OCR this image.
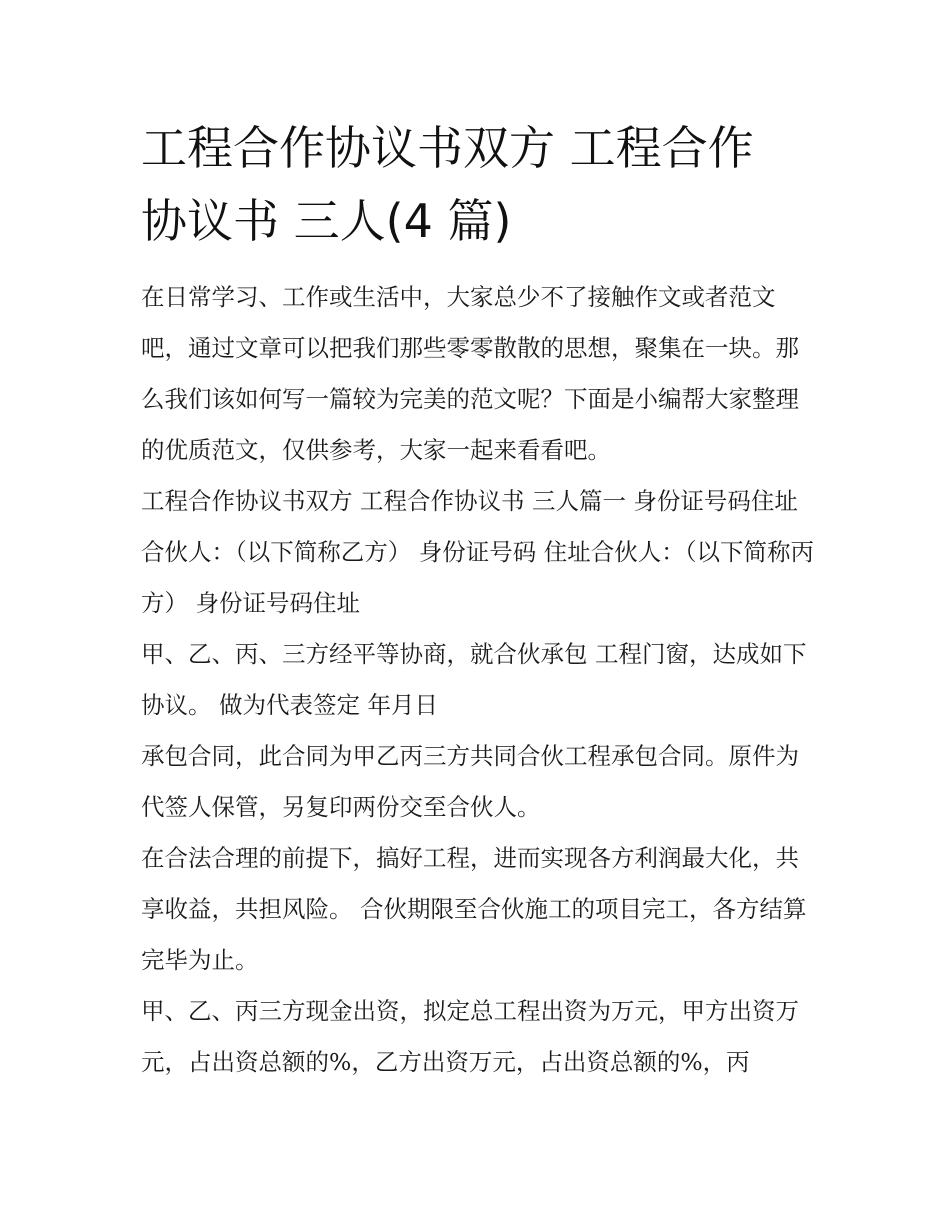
工程合作协议书双方 工程合作
协议书 三人(4 篇)

在日常学习、工作或生活中，大家总少不了接触作文或者范文吧，通过文章可以把我们那些零零散散的思想，聚集在一块。那么我们该如何写一篇较为完美的范文呢？下面是小编帮大家整理的优质范文，仅供参考，大家一起来看看吧。

工程合作协议书双方 工程合作协议书 三人篇一 身份证号码住址合伙人：（以下简称乙方） 身份证号码 住址合伙人：（以下简称丙方） 身份证号码住址

甲、乙、丙、三方经平等协商，就合伙承包 工程门窗，达成如下协议。 做为代表签定 年月日

承包合同，此合同为甲乙丙三方共同合伙工程承包合同。原件为代签人保管，另复印两份交至合伙人。

在合法合理的前提下，搞好工程，进而实现各方利润最大化，共享收益，共担风险。 合伙期限至合伙施工的项目完工，各方结算完毕为止。

甲、乙、丙三方现金出资，拟定总工程出资为万元，甲方出资万元，占出资总额的%，乙方出资万元，占出资总额的%，丙
